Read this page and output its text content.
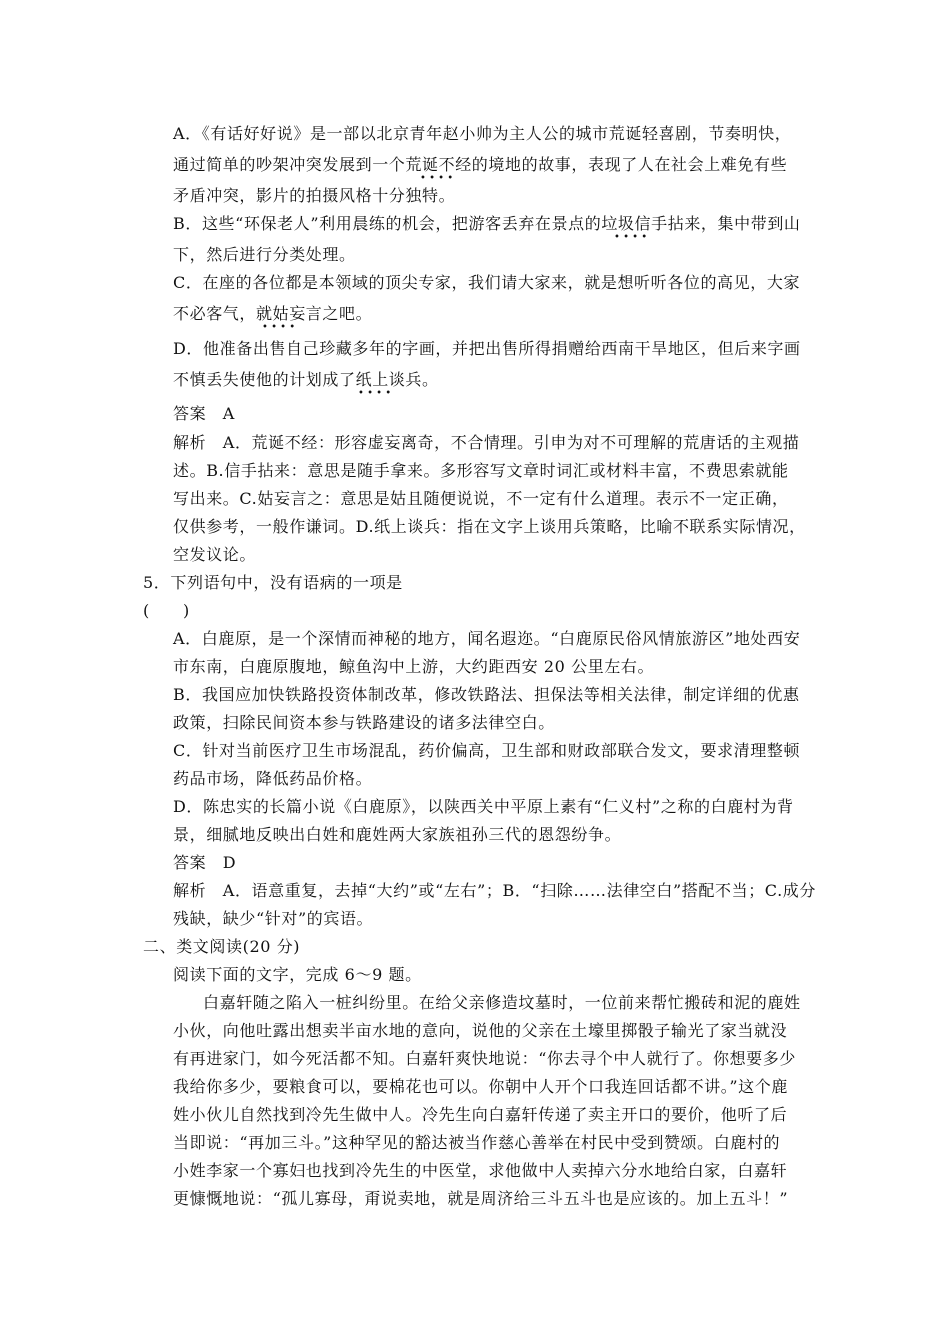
A．《有话好好说》是一部以北京青年赵小帅为主人公的城市荒诞轻喜剧，节奏明快，
通过简单的吵架冲突发展到一个荒诞不经的境地的故事，表现了人在社会上难免有些
• • • •
矛盾冲突，影片的拍摄风格十分独特。
B．这些“环保老人”利用晨练的机会，把游客丢弃在景点的垃圾信手拈来，集中带到山
• • • •
下，然后进行分类处理。
C．在座的各位都是本领域的顶尖专家，我们请大家来，就是想听听各位的高见，大家
不必客气，就姑妄言之吧。
• • • •
D．他准备出售自己珍藏多年的字画，并把出售所得捐赠给西南干旱地区，但后来字画
不慎丢失使他的计划成了纸上谈兵。
• • • •
答案　A
解析　A．荒诞不经：形容虚妄离奇，不合情理。引申为对不可理解的荒唐话的主观描
述。B.信手拈来：意思是随手拿来。多形容写文章时词汇或材料丰富，不费思索就能
写出来。C.姑妄言之：意思是姑且随便说说，不一定有什么道理。表示不一定正确，
仅供参考，一般作谦词。D.纸上谈兵：指在文字上谈用兵策略，比喻不联系实际情况，
空发议论。
5．下列语句中，没有语病的一项是
(　　)
A．白鹿原，是一个深情而神秘的地方，闻名遐迩。“白鹿原民俗风情旅游区”地处西安
市东南，白鹿原腹地，鲸鱼沟中上游，大约距西安 20 公里左右。
B．我国应加快铁路投资体制改革，修改铁路法、担保法等相关法律，制定详细的优惠
政策，扫除民间资本参与铁路建设的诸多法律空白。
C．针对当前医疗卫生市场混乱，药价偏高，卫生部和财政部联合发文，要求清理整顿
药品市场，降低药品价格。
D．陈忠实的长篇小说《白鹿原》，以陕西关中平原上素有“仁义村”之称的白鹿村为背
景，细腻地反映出白姓和鹿姓两大家族祖孙三代的恩怨纷争。
答案　D
解析　A．语意重复，去掉“大约”或“左右”；B．“扫除……法律空白”搭配不当；C.成分
残缺，缺少“针对”的宾语。
二、类文阅读(20 分)
阅读下面的文字，完成 6～9 题。
白嘉轩随之陷入一桩纠纷里。在给父亲修造坟墓时，一位前来帮忙搬砖和泥的鹿姓
小伙，向他吐露出想卖半亩水地的意向，说他的父亲在土壕里掷骰子输光了家当就没
有再进家门，如今死活都不知。白嘉轩爽快地说：“你去寻个中人就行了。你想要多少
我给你多少，要粮食可以，要棉花也可以。你朝中人开个口我连回话都不讲。”这个鹿
姓小伙儿自然找到冷先生做中人。冷先生向白嘉轩传递了卖主开口的要价，他听了后
当即说：“再加三斗。”这种罕见的豁达被当作慈心善举在村民中受到赞颂。白鹿村的
小姓李家一个寡妇也找到冷先生的中医堂，求他做中人卖掉六分水地给白家，白嘉轩
更慷慨地说：“孤儿寡母，甭说卖地，就是周济给三斗五斗也是应该的。加上五斗！”
